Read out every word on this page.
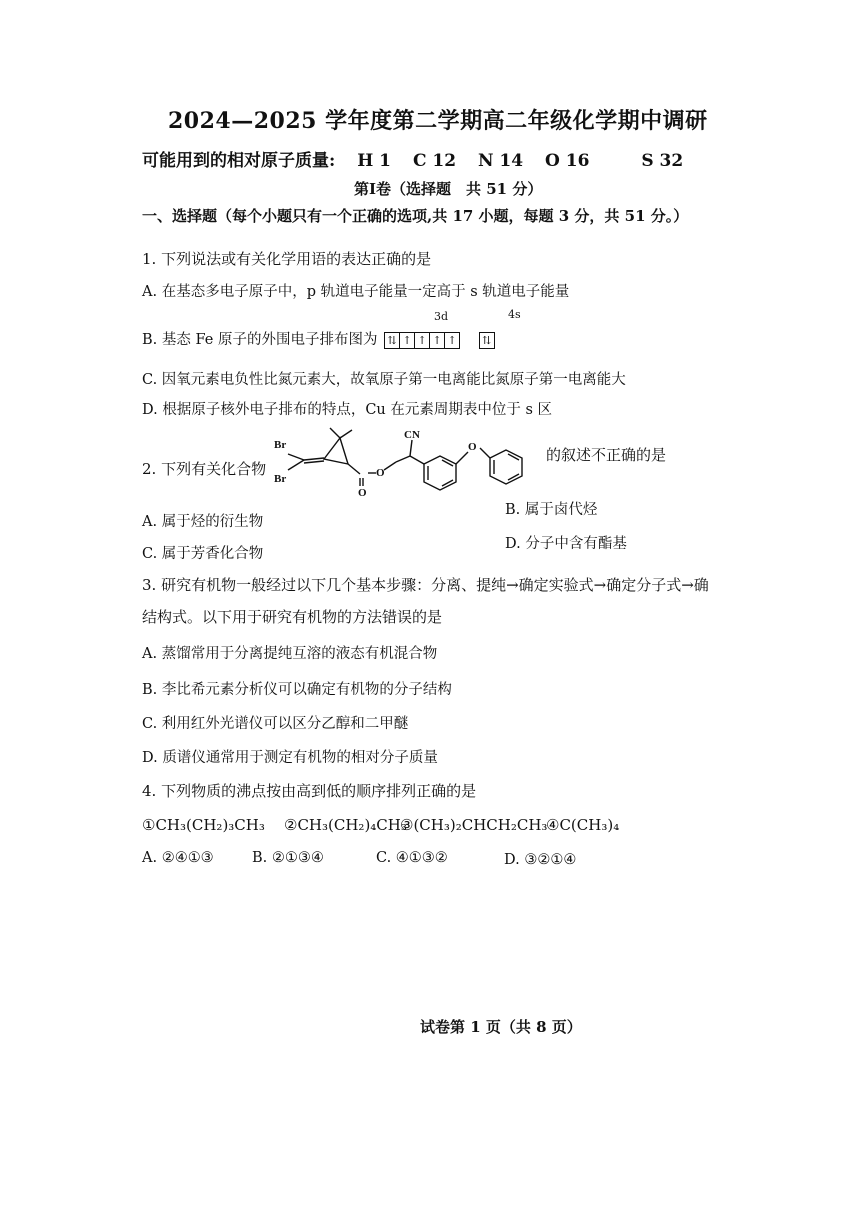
2024—2025 学年度第二学期高二年级化学期中调研
可能用到的相对原子质量: H 1 C 12 N 14 O 16	S 32
第Ⅰ卷（选择题　共 51 分）
一、选择题（每个小题只有一个正确的选项,共 17 小题，每题 3 分，共 51 分。）
1. 下列说法或有关化学用语的表达正确的是
A. 在基态多电子原子中，p 轨道电子能量一定高于 s 轨道电子能量
B. 基态 Fe 原子的外围电子排布图为 ⇅ ↑ ↑ ↑ ↑
⇅
3d	4s
C. 因氧元素电负性比氮元素大，故氧原子第一电离能比氮原子第一电离能大
D. 根据原子核外电子排布的特点，Cu 在元素周期表中位于 s 区
2. 下列有关化合物
Br
Br
CN
O
O
O	的叙述不正确的是
B. 属于卤代烃
A. 属于烃的衍生物
D. 分子中含有酯基
C. 属于芳香化合物
3. 研究有机物一般经过以下几个基本步骤：分离、提纯→确定实验式→确定分子式→确
结构式。以下用于研究有机物的方法错误的是
A. 蒸馏常用于分离提纯互溶的液态有机混合物
B. 李比希元素分析仪可以确定有机物的分子结构
C. 利用红外光谱仪可以区分乙醇和二甲醚
D. 质谱仪通常用于测定有机物的相对分子质量
4. 下列物质的沸点按由高到低的顺序排列正确的是
①CH₃(CH₂)₃CH₃ ②CH₃(CH₂)₄CH₃
③(CH₃)₂CHCH₂CH₃
④C(CH₃)₄
A. ②④①③	B. ②①③④	C. ④①③②	D. ③②①④
试卷第 1 页（共 8 页）
